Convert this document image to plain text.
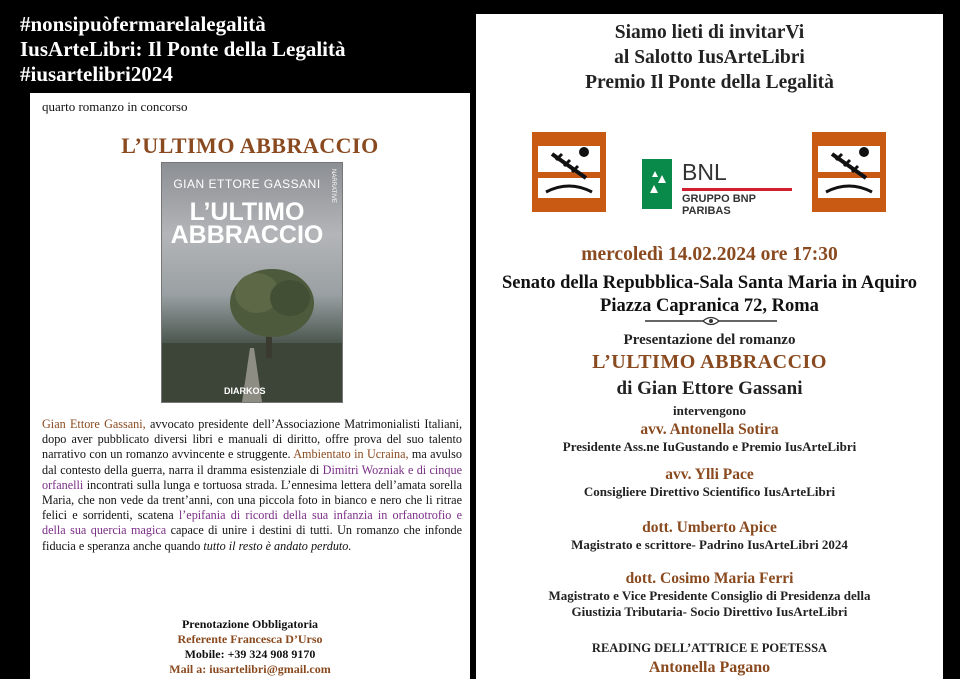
#nonsipuòfermarelalegalità
IusArteLibri: Il Ponte della Legalità
#iusartelibri2024
quarto romanzo in concorso
L’ULTIMO ABBRACCIO
GIAN ETTORE GASSANI
L’ULTIMO
ABBRACCIO
NARRATIVE
DIARKOS
Gian Ettore Gassani, avvocato presidente dell’Associazione Matrimonialisti Italiani, dopo aver pubblicato diversi libri e manuali di diritto, offre prova del suo talento narrativo con un romanzo avvincente e struggente. Ambientato in Ucraina, ma avulso dal contesto della guerra, narra il dramma esistenziale di Dimitri Wozniak e di cinque orfanelli incontrati sulla lunga e tortuosa strada. L’ennesima lettera dell’amata sorella Maria, che non vede da trent’anni, con una piccola foto in bianco e nero che li ritrae felici e sorridenti, scatena l’epifania di ricordi della sua infanzia in orfanotrofio e della sua quercia magica capace di unire i destini di tutti. Un romanzo che infonde fiducia e speranza anche quando tutto il resto è andato perduto.
Prenotazione Obbligatoria
Referente Francesca D’Urso
Mobile: +39 324 908 9170
Mail a: iusartelibri@gmail.com
Siamo lieti di invitarVi
al Salotto IusArteLibri
Premio Il Ponte della Legalità
BNL
GRUPPO BNP PARIBAS
mercoledì 14.02.2024 ore 17:30
Senato della Repubblica-Sala Santa Maria in Aquiro
Piazza Capranica 72, Roma
Presentazione del romanzo
L’ULTIMO ABBRACCIO
di Gian Ettore Gassani
intervengono
avv. Antonella Sotira
Presidente Ass.ne IuGustando e Premio IusArteLibri
avv. Ylli Pace
Consigliere Direttivo Scientifico IusArteLibri
dott. Umberto Apice
Magistrato e scrittore- Padrino IusArteLibri 2024
dott. Cosimo Maria Ferri
Magistrato e Vice Presidente Consiglio di Presidenza della
Giustizia Tributaria- Socio Direttivo IusArteLibri
READING DELL’ATTRICE E POETESSA
Antonella Pagano
